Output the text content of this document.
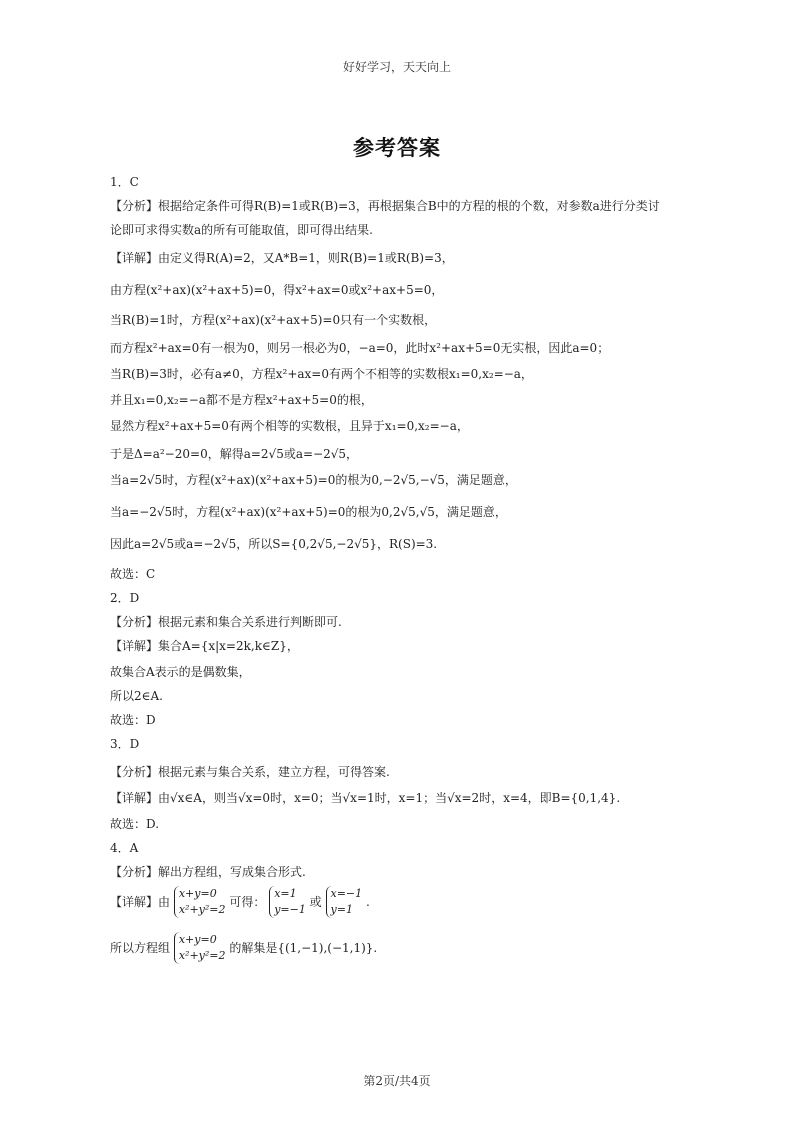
好好学习，天天向上
参考答案
1．C
【分析】根据给定条件可得R(B)=1或R(B)=3，再根据集合B中的方程的根的个数，对参数a进行分类讨
论即可求得实数a的所有可能取值，即可得出结果.
【详解】由定义得R(A)=2，又A*B=1，则R(B)=1或R(B)=3，
由方程(x²+ax)(x²+ax+5)=0，得x²+ax=0或x²+ax+5=0，
当R(B)=1时，方程(x²+ax)(x²+ax+5)=0只有一个实数根，
而方程x²+ax=0有一根为0，则另一根必为0，−a=0，此时x²+ax+5=0无实根，因此a=0；
当R(B)=3时，必有a≠0，方程x²+ax=0有两个不相等的实数根x₁=0,x₂=−a，
并且x₁=0,x₂=−a都不是方程x²+ax+5=0的根，
显然方程x²+ax+5=0有两个相等的实数根，且异于x₁=0,x₂=−a，
于是Δ=a²−20=0，解得a=2√5或a=−2√5，
当a=2√5时，方程(x²+ax)(x²+ax+5)=0的根为0,−2√5,−√5，满足题意，
当a=−2√5时，方程(x²+ax)(x²+ax+5)=0的根为0,2√5,√5，满足题意，
因此a=2√5或a=−2√5，所以S={0,2√5,−2√5}，R(S)=3.
故选：C
2．D
【分析】根据元素和集合关系进行判断即可.
【详解】集合A={x|x=2k,k∈Z}，
故集合A表示的是偶数集，
所以2∈A.
故选：D
3．D
【分析】根据元素与集合关系，建立方程，可得答案.
【详解】由√x∈A，则当√x=0时，x=0；当√x=1时，x=1；当√x=2时，x=4，即B={0,1,4}.
故选：D.
4．A
【分析】解出方程组，写成集合形式.
【详解】由 x+y=0
x²+y²=2 可得： x=1
y=−1 或 x=−1
y=1 .
所以方程组 x+y=0
x²+y²=2 的解集是{(1,−1),(−1,1)}.
第2页/共4页
